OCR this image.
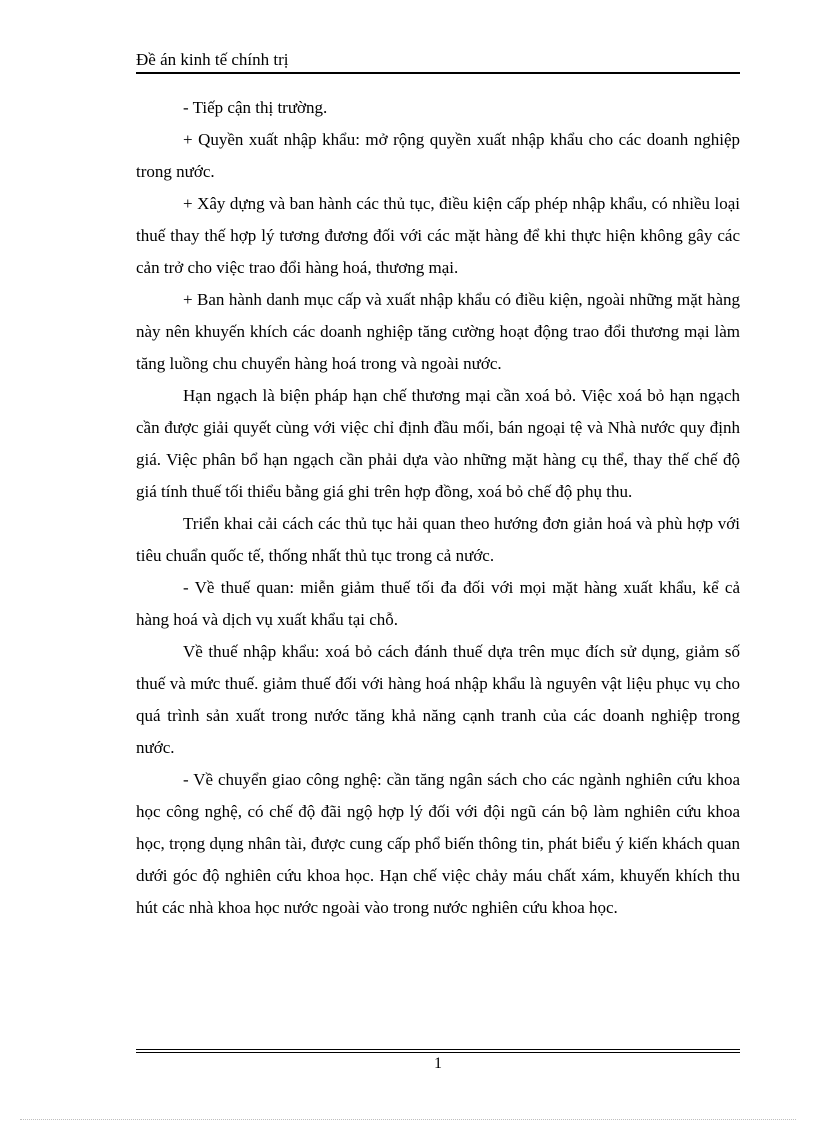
Đề án kinh tế chính trị

- Tiếp cận thị trường.

+ Quyền xuất nhập khẩu: mở rộng quyền xuất nhập khẩu cho các doanh nghiệp trong nước.

+ Xây dựng và ban hành các thủ tục, điều kiện cấp phép nhập khẩu, có nhiều loại thuế thay thế hợp lý tương đương đối với các mặt hàng để khi thực hiện không gây các cản trở cho việc trao đổi hàng hoá, thương mại.

+ Ban hành danh mục cấp và xuất nhập khẩu có điều kiện, ngoài những mặt hàng này nên khuyến khích các doanh nghiệp tăng cường hoạt động trao đổi thương mại làm tăng luồng chu chuyển hàng hoá trong và ngoài nước.

Hạn ngạch là biện pháp hạn chế thương mại cần xoá bỏ. Việc xoá bỏ hạn ngạch cần được giải quyết cùng với việc chỉ định đầu mối, bán ngoại tệ và Nhà nước quy định giá. Việc phân bổ hạn ngạch cần phải dựa vào những mặt hàng cụ thể, thay thế chế độ giá tính thuế tối thiểu bằng giá ghi trên hợp đồng, xoá bỏ chế độ phụ thu.

Triển khai cải cách các thủ tục hải quan theo hướng đơn giản hoá và phù hợp với tiêu chuẩn quốc tế, thống nhất thủ tục trong cả nước.

- Về thuế quan: miễn giảm thuế tối đa đối với mọi mặt hàng xuất khẩu, kể cả hàng hoá và dịch vụ xuất khẩu tại chỗ.

Về thuế nhập khẩu: xoá bỏ cách đánh thuế dựa trên mục đích sử dụng, giảm số thuế và mức thuế. giảm thuế đối với hàng hoá nhập khẩu là nguyên vật liệu phục vụ cho quá trình sản xuất trong nước tăng khả năng cạnh tranh của các doanh nghiệp trong nước.

- Về chuyển giao công nghệ: cần tăng ngân sách cho các ngành nghiên cứu khoa học công nghệ, có chế độ đãi ngộ hợp lý đối với đội ngũ cán bộ làm nghiên cứu khoa học, trọng dụng nhân tài, được cung cấp phổ biến thông tin, phát biểu ý kiến khách quan dưới góc độ nghiên cứu khoa học. Hạn chế việc chảy máu chất xám, khuyến khích thu hút các nhà khoa học nước ngoài vào trong nước nghiên cứu khoa học.

1
